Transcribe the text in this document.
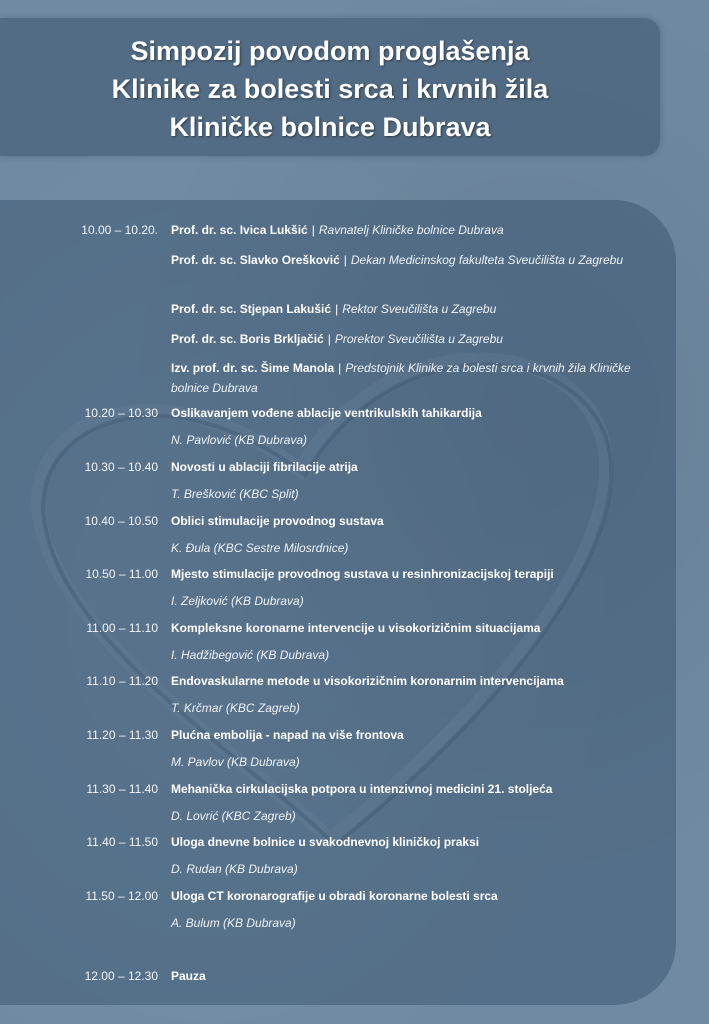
Simpozij povodom proglašenja
Klinike za bolesti srca i krvnih žila
Kliničke bolnice Dubrava
10.00 – 10.20. Prof. dr. sc. Ivica Lukšić | Ravnatelj Kliničke bolnice Dubrava
Prof. dr. sc. Slavko Orešković | Dekan Medicinskog fakulteta Sveučilišta u Zagrebu
Prof. dr. sc. Stjepan Lakušić | Rektor Sveučilišta u Zagrebu
Prof. dr. sc. Boris Brkljačić | Prorektor Sveučilišta u Zagrebu
Izv. prof. dr. sc. Šime Manola | Predstojnik Klinike za bolesti srca i krvnih žila Kliničke bolnice Dubrava
10.20 – 10.30 Oslikavanjem vođene ablacije ventrikulskih tahikardija
N. Pavlović (KB Dubrava)
10.30 – 10.40 Novosti u ablaciji fibrilacije atrija
T. Brešković (KBC Split)
10.40 – 10.50 Oblici stimulacije provodnog sustava
K. Đula (KBC Sestre Milosrdnice)
10.50 – 11.00 Mjesto stimulacije provodnog sustava u resinhronizacijskoj terapiji
I. Zeljković (KB Dubrava)
11.00 – 11.10 Kompleksne koronarne intervencije u visokorizičnim situacijama
I. Hadžibegović (KB Dubrava)
11.10 – 11.20 Endovaskularne metode u visokorizičnim koronarnim intervencijama
T. Krčmar (KBC Zagreb)
11.20 – 11.30 Plućna embolija - napad na više frontova
M. Pavlov (KB Dubrava)
11.30 – 11.40 Mehanička cirkulacijska potpora u intenzivnoj medicini 21. stoljeća
D. Lovrić (KBC Zagreb)
11.40 – 11.50 Uloga dnevne bolnice u svakodnevnoj kliničkoj praksi
D. Rudan (KB Dubrava)
11.50 – 12.00 Uloga CT koronarografije u obradi koronarne bolesti srca
A. Bulum (KB Dubrava)
12.00 – 12.30 Pauza
